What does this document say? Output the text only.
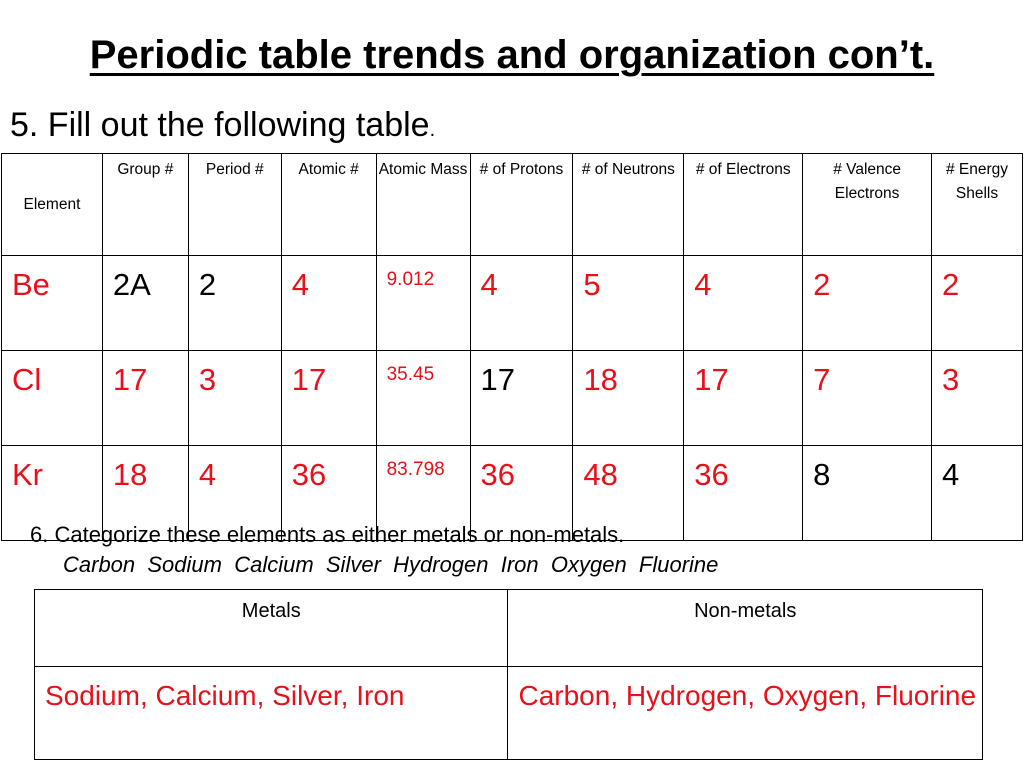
Periodic table trends and organization con’t.
5. Fill out the following table.
Element	Group #	Period #	Atomic #	Atomic Mass	# of Protons	# of Neutrons	# of Electrons	# Valence Electrons	# Energy Shells
Be	2A	2	4	9.012	4	5	4	2	2
Cl	17	3	17	35.45	17	18	17	7	3
Kr	18	4	36	83.798	36	48	36	8	4
6. Categorize these elements as either metals or non-metals.
Carbon  Sodium  Calcium  Silver  Hydrogen  Iron  Oxygen  Fluorine
Metals	Non-metals
Sodium, Calcium, Silver, Iron	Carbon, Hydrogen, Oxygen, Fluorine
